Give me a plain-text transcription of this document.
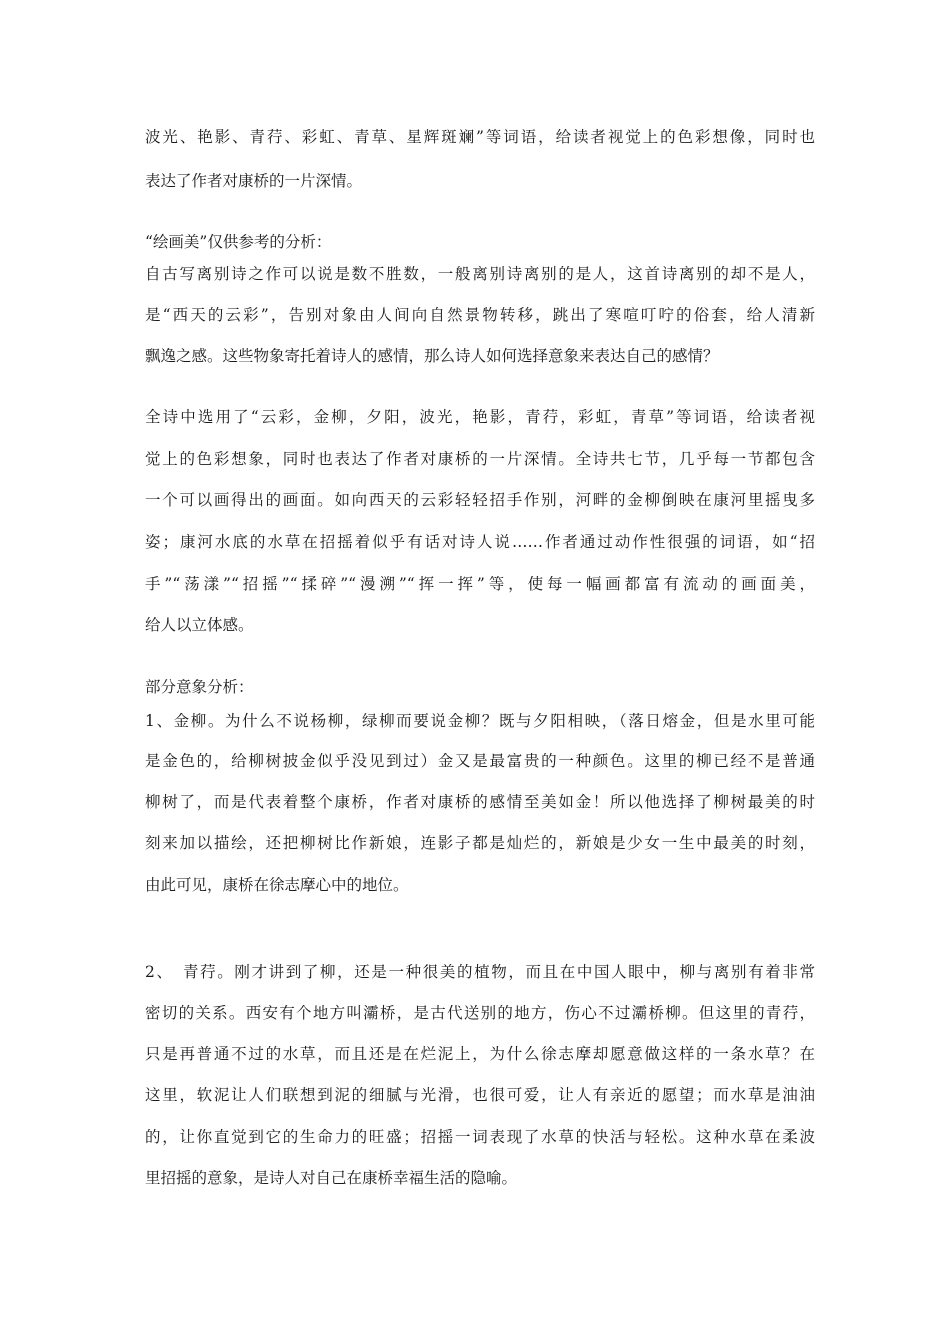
波光、艳影、青荇、彩虹、青草、星辉斑斓”等词语，给读者视觉上的色彩想像，同时也
表达了作者对康桥的一片深情。
“绘画美”仅供参考的分析：
自古写离别诗之作可以说是数不胜数，一般离别诗离别的是人，这首诗离别的却不是人，
是“西天的云彩”，告别对象由人间向自然景物转移，跳出了寒喧叮咛的俗套，给人清新
飘逸之感。这些物象寄托着诗人的感情，那么诗人如何选择意象来表达自己的感情？
全诗中选用了“云彩，金柳，夕阳，波光，艳影，青荇，彩虹，青草”等词语，给读者视
觉上的色彩想象，同时也表达了作者对康桥的一片深情。全诗共七节，几乎每一节都包含
一个可以画得出的画面。如向西天的云彩轻轻招手作别，河畔的金柳倒映在康河里摇曳多
姿；康河水底的水草在招摇着似乎有话对诗人说……作者通过动作性很强的词语，如“招
手”“荡漾”“招摇”“揉碎”“漫溯”“挥一挥”等，使每一幅画都富有流动的画面美，
给人以立体感。
部分意象分析：
1、金柳。为什么不说杨柳，绿柳而要说金柳？既与夕阳相映，（落日熔金，但是水里可能
是金色的，给柳树披金似乎没见到过）金又是最富贵的一种颜色。这里的柳已经不是普通
柳树了，而是代表着整个康桥，作者对康桥的感情至美如金！所以他选择了柳树最美的时
刻来加以描绘，还把柳树比作新娘，连影子都是灿烂的，新娘是少女一生中最美的时刻，
由此可见，康桥在徐志摩心中的地位。
2、　青荇。刚才讲到了柳，还是一种很美的植物，而且在中国人眼中，柳与离别有着非常
密切的关系。西安有个地方叫灞桥，是古代送别的地方，伤心不过灞桥柳。但这里的青荇，
只是再普通不过的水草，而且还是在烂泥上，为什么徐志摩却愿意做这样的一条水草？在
这里，软泥让人们联想到泥的细腻与光滑，也很可爱，让人有亲近的愿望；而水草是油油
的，让你直觉到它的生命力的旺盛；招摇一词表现了水草的快活与轻松。这种水草在柔波
里招摇的意象，是诗人对自己在康桥幸福生活的隐喻。
